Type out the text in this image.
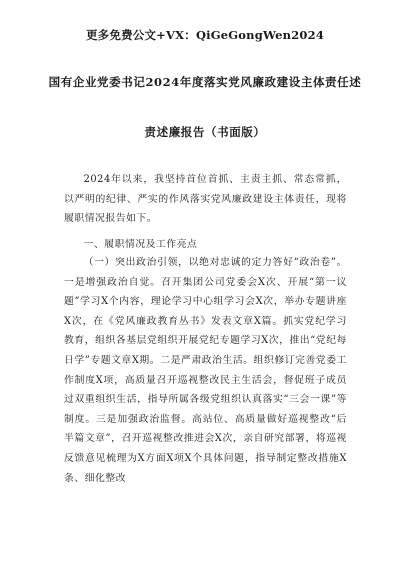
更多免费公文+VX：QiGeGongWen2024
国有企业党委书记2024年度落实党风廉政建设主体责任述
责述廉报告（书面版）

2024年以来，我坚持首位首抓、主责主抓、常态常抓，以严明的纪律、严实的作风落实党风廉政建设主体责任，现将履职情况报告如下。

一、履职情况及工作亮点

（一）突出政治引领，以绝对忠诚的定力答好“政治卷”。一是增强政治自觉。召开集团公司党委会X次、开展“第一议题”学习X个内容，理论学习中心组学习会X次，举办专题讲座X次，在《党风廉政教育丛书》发表文章X篇。抓实党纪学习教育，组织各基层党组织开展党纪专题学习X次，推出“党纪每日学”专题文章X期。二是严肃政治生活。组织修订完善党委工作制度X项，高质量召开巡视整改民主生活会，督促班子成员过双重组织生活，指导所属各级党组织认真落实“三会一课”等制度。三是加强政治监督。高站位、高质量做好巡视整改“后半篇文章”，召开巡视整改推进会X次，亲自研究部署，将巡视反馈意见梳理为X方面X项X个具体问题，指导制定整改措施X条、细化整改
